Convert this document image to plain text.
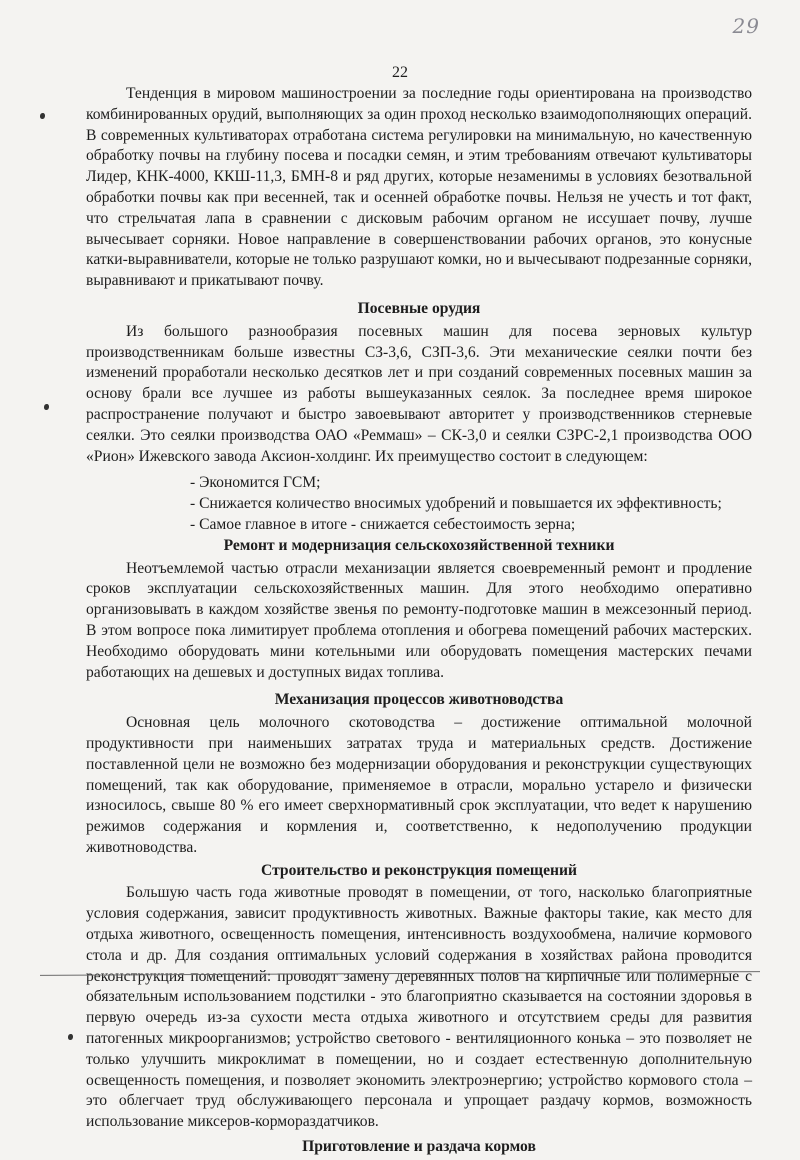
29
22

Тенденция в мировом машиностроении за последние годы ориентирована на производство комбинированных орудий, выполняющих за один проход несколько взаимодополняющих операций. В современных культиваторах отработана система регулировки на минимальную, но качественную обработку почвы на глубину посева и посадки семян, и этим требованиям отвечают культиваторы Лидер, КНК-4000, ККШ-11,3, БМН-8 и ряд других, которые незаменимы в условиях безотвальной обработки почвы как при весенней, так и осенней обработке почвы. Нельзя не учесть и тот факт, что стрельчатая лапа в сравнении с дисковым рабочим органом не иссушает почву, лучше вычесывает сорняки. Новое направление в совершенствовании рабочих органов, это конусные катки-выравниватели, которые не только разрушают комки, но и вычесывают подрезанные сорняки, выравнивают и прикатывают почву.

Посевные орудия

Из большого разнообразия посевных машин для посева зерновых культур производственникам больше известны СЗ-3,6, СЗП-3,6. Эти механические сеялки почти без изменений проработали несколько десятков лет и при созданий современных посевных машин за основу брали все лучшее из работы вышеуказанных сеялок. За последнее время широкое распространение получают и быстро завоевывают авторитет у производственников стерневые сеялки. Это сеялки производства ОАО «Реммаш» – СК-3,0 и сеялки СЗРС-2,1 производства ООО «Рион» Ижевского завода Аксион-холдинг. Их преимущество состоит в следующем:

- Экономится ГСМ;
- Снижается количество вносимых удобрений и повышается их эффективность;
- Самое главное в итоге - снижается себестоимость зерна;
Ремонт и модернизация сельскохозяйственной техники

Неотъемлемой частью отрасли механизации является своевременный ремонт и продление сроков эксплуатации сельскохозяйственных машин. Для этого необходимо оперативно организовывать в каждом хозяйстве звенья по ремонту-подготовке машин в межсезонный период. В этом вопросе пока лимитирует проблема отопления и обогрева помещений рабочих мастерских. Необходимо оборудовать мини котельными или оборудовать помещения мастерских печами работающих на дешевых и доступных видах топлива.

Механизация процессов животноводства

Основная цель молочного скотоводства – достижение оптимальной молочной продуктивности при наименьших затратах труда и материальных средств. Достижение поставленной цели не возможно без модернизации оборудования и реконструкции существующих помещений, так как оборудование, применяемое в отрасли, морально устарело и физически износилось, свыше 80 % его имеет сверхнормативный срок эксплуатации, что ведет к нарушению режимов содержания и кормления и, соответственно, к недополучению продукции животноводства.

Строительство и реконструкция помещений

Большую часть года животные проводят в помещении, от того, насколько благоприятные условия содержания, зависит продуктивность животных. Важные факторы такие, как место для отдыха животного, освещенность помещения, интенсивность воздухообмена, наличие кормового стола и др. Для создания оптимальных условий содержания в хозяйствах района проводится реконструкция помещений: проводят замену деревянных полов на кирпичные или полимерные с обязательным использованием подстилки - это благоприятно сказывается на состоянии здоровья в первую очередь из-за сухости места отдыха животного и отсутствием среды для развития патогенных микроорганизмов; устройство светового - вентиляционного конька – это позволяет не только улучшить микроклимат в помещении, но и создает естественную дополнительную освещенность помещения, и позволяет экономить электроэнергию; устройство кормового стола – это облегчает труд обслуживающего персонала и упрощает раздачу кормов, возможность использование миксеров-кормораздатчиков.

Приготовление и раздача кормов
